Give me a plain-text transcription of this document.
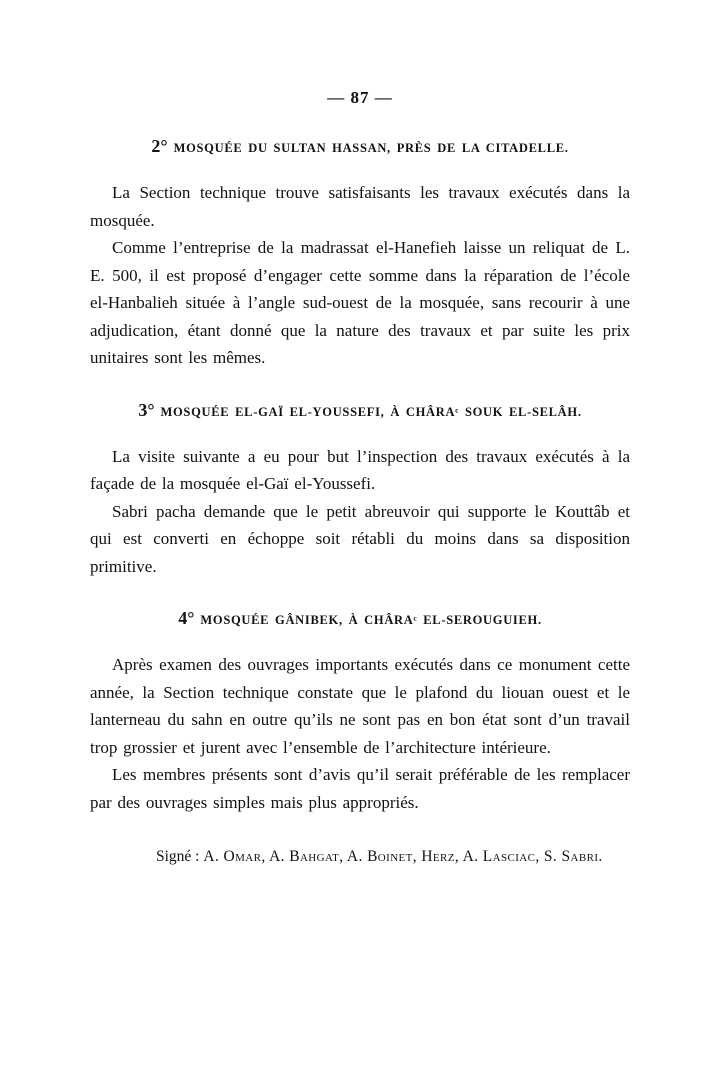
— 87 —
2° MOSQUÉE DU SULTAN HASSAN, PRÈS DE LA CITADELLE.

La Section technique trouve satisfaisants les travaux exécutés dans la mosquée.

Comme l’entreprise de la madrassat el-Hanefieh laisse un reliquat de L. E. 500, il est proposé d’engager cette somme dans la réparation de l’école el-Hanbalieh située à l’angle sud-ouest de la mosquée, sans recourir à une adjudication, étant donné que la nature des travaux et par suite les prix unitaires sont les mêmes.

3° MOSQUÉE EL-GAÏ EL-YOUSSEFI, À CHÂRAᶜ SOUK EL-SELÂH.

La visite suivante a eu pour but l’inspection des travaux exécutés à la façade de la mosquée el-Gaï el-Youssefi.

Sabri pacha demande que le petit abreuvoir qui supporte le Kouttâb et qui est converti en échoppe soit rétabli du moins dans sa disposition primitive.

4° MOSQUÉE GÂNIBEK, À CHÂRAᶜ EL-SEROUGUIEH.

Après examen des ouvrages importants exécutés dans ce monument cette année, la Section technique constate que le plafond du liouan ouest et le lanterneau du sahn en outre qu’ils ne sont pas en bon état sont d’un travail trop grossier et jurent avec l’ensemble de l’architecture intérieure.

Les membres présents sont d’avis qu’il serait préférable de les remplacer par des ouvrages simples mais plus appropriés.

Signé : A. Omar, A. Bahgat, A. Boinet, Herz, A. Lasciac, S. Sabri.
